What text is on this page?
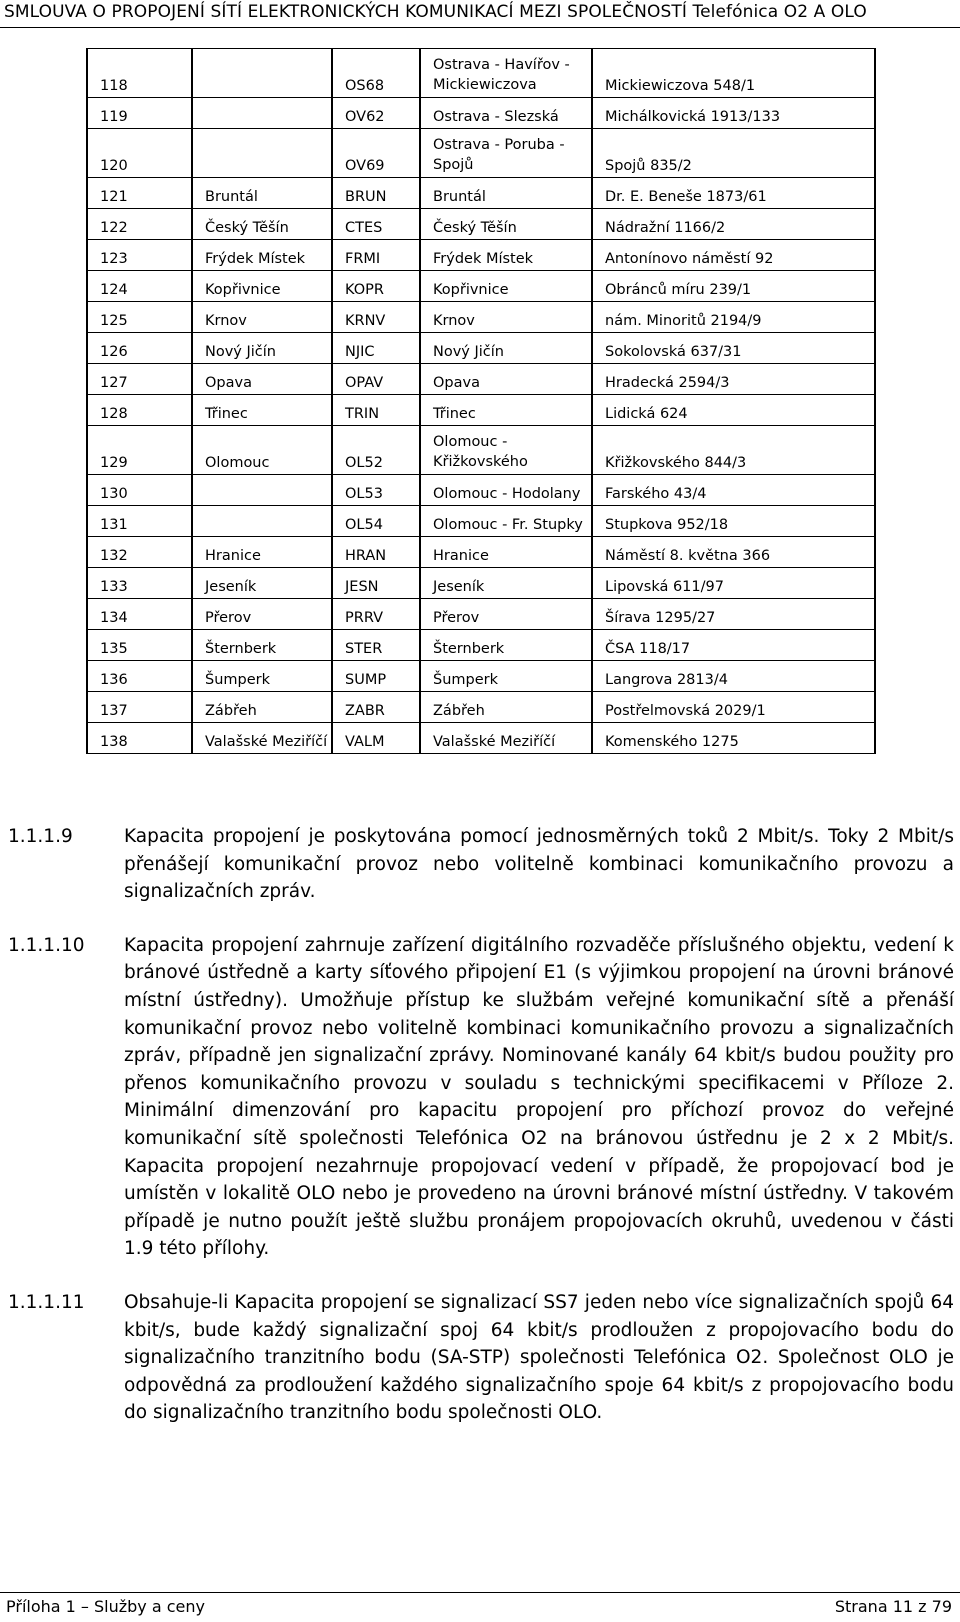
SMLOUVA O PROPOJENÍ SÍTÍ ELEKTRONICKÝCH KOMUNIKACÍ MEZI SPOLEČNOSTÍ Telefónica O2 A OLO
118		OS68	Ostrava - Havířov - Mickiewiczova	Mickiewiczova 548/1
119		OV62	Ostrava - Slezská	Michálkovická 1913/133
120		OV69	Ostrava - Poruba - Spojů	Spojů 835/2
121	Bruntál	BRUN	Bruntál	Dr. E. Beneše 1873/61
122	Český Těšín	CTES	Český Těšín	Nádražní 1166/2
123	Frýdek Místek	FRMI	Frýdek Místek	Antonínovo náměstí 92
124	Kopřivnice	KOPR	Kopřivnice	Obránců míru 239/1
125	Krnov	KRNV	Krnov	nám. Minoritů 2194/9
126	Nový Jičín	NJIC	Nový Jičín	Sokolovská 637/31
127	Opava	OPAV	Opava	Hradecká 2594/3
128	Třinec	TRIN	Třinec	Lidická 624
129	Olomouc	OL52	Olomouc - Křižkovského	Křižkovského 844/3
130		OL53	Olomouc - Hodolany	Farského 43/4
131		OL54	Olomouc - Fr. Stupky	Stupkova 952/18
132	Hranice	HRAN	Hranice	Náměstí 8. května 366
133	Jeseník	JESN	Jeseník	Lipovská 611/97
134	Přerov	PRRV	Přerov	Šírava 1295/27
135	Šternberk	STER	Šternberk	ČSA 118/17
136	Šumperk	SUMP	Šumperk	Langrova 2813/4
137	Zábřeh	ZABR	Zábřeh	Postřelmovská 2029/1
138	Valašské Meziříčí	VALM	Valašské Meziříčí	Komenského 1275
1.1.1.9	Kapacita propojení je poskytována pomocí jednosměrných toků 2 Mbit/s. Toky 2 Mbit/s přenášejí komunikační provoz nebo volitelně kombinaci komunikačního provozu a signalizačních zpráv.
1.1.1.10 Kapacita propojení zahrnuje zařízení digitálního rozvaděče příslušného objektu, vedení k bránové ústředně a karty síťového připojení E1 (s výjimkou propojení na úrovni bránové místní ústředny). Umožňuje přístup ke službám veřejné komunikační sítě a přenáší komunikační provoz nebo volitelně kombinaci komunikačního provozu a signalizačních zpráv, případně jen signalizační zprávy. Nominované kanály 64 kbit/s budou použity pro přenos komunikačního provozu v souladu s technickými specifikacemi v Příloze 2. Minimální dimenzování pro kapacitu propojení pro příchozí provoz do veřejné komunikační sítě společnosti Telefónica O2 na bránovou ústřednu je 2 x 2 Mbit/s. Kapacita propojení nezahrnuje propojovací vedení v případě, že propojovací bod je umístěn v lokalitě OLO nebo je provedeno na úrovni bránové místní ústředny. V takovém případě je nutno použít ještě službu pronájem propojovacích okruhů, uvedenou v části 1.9 této přílohy.
1.1.1.11 Obsahuje-li Kapacita propojení se signalizací SS7 jeden nebo více signalizačních spojů 64 kbit/s, bude každý signalizační spoj 64 kbit/s prodloužen z propojovacího bodu do signalizačního tranzitního bodu (SA-STP) společnosti Telefónica O2. Společnost OLO je odpovědná za prodloužení každého signalizačního spoje 64 kbit/s z propojovacího bodu do signalizačního tranzitního bodu společnosti OLO.
Příloha 1 – Služby a ceny	Strana 11 z 79
